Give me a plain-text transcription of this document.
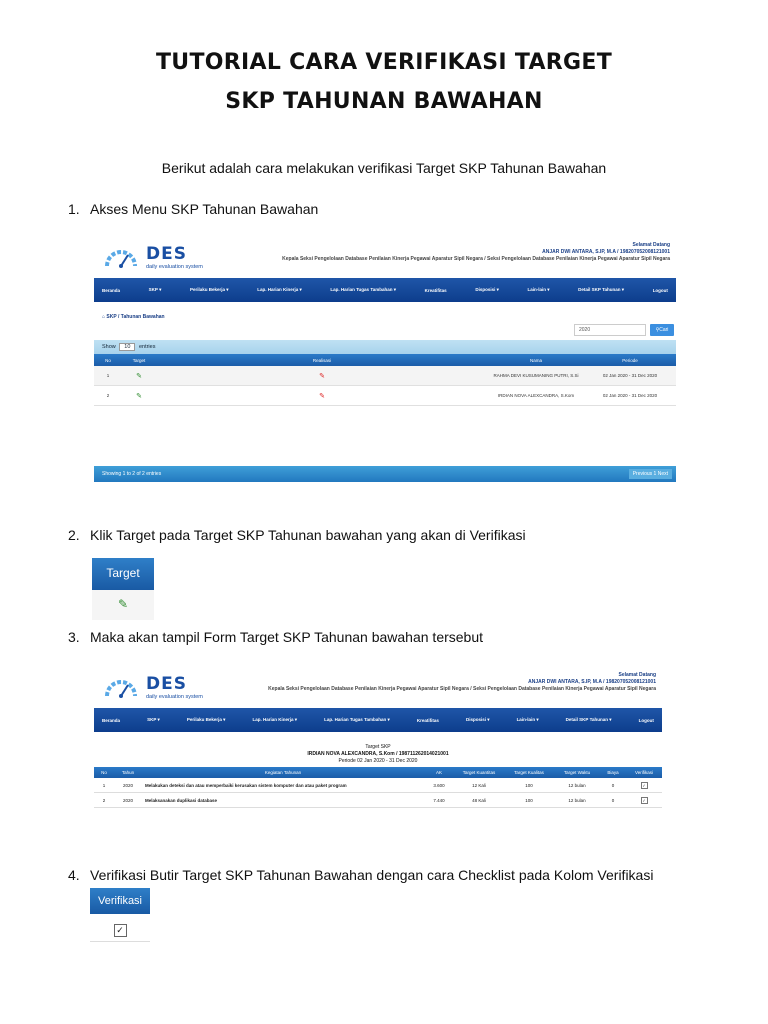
TUTORIAL CARA VERIFIKASI TARGET
SKP TAHUNAN BAWAHAN
Berikut adalah cara melakukan verifikasi Target SKP Tahunan Bawahan
1. Akses Menu SKP Tahunan Bawahan
DES
daily evaluation system
Selamat Datang
ANJAR DWI ANTARA, S.IP, M.A / 198207052008121001
Kepala Seksi Pengelolaan Database Penilaian Kinerja Pegawai Aparatur Sipil Negara / Seksi Pengelolaan Database Penilaian Kinerja Pegawai Aparatur Sipil Negara
Beranda	SKP ▾	Perilaku Bekerja ▾	Lap. Harian Kinerja ▾	Lap. Harian Tugas Tambahan ▾	Kreatifitas	Disposisi ▾	Lain-lain ▾	Detail SKP Tahunan ▾	Logout
⌂ SKP / Tahunan Bawahan
2020	⚲Cari
Show 10 entries
No	Target	Realisasi	Nama	Periode
1	✎	✎	RAHMA DEVI KUSUMANING PUTRI, S.Si	02 Jan 2020 - 31 Dec 2020
2	✎	✎	IRDIAN NOVA ALEXCANDRA, S.Kom	02 Jan 2020 - 31 Dec 2020
Showing 1 to 2 of 2 entries	Previous 1 Next
2. Klik Target pada Target SKP Tahunan bawahan yang akan di Verifikasi
Target
✎
3. Maka akan tampil Form Target SKP Tahunan bawahan tersebut
DES
daily evaluation system
Selamat Datang
ANJAR DWI ANTARA, S.IP, M.A / 198207052008121001
Kepala Seksi Pengelolaan Database Penilaian Kinerja Pegawai Aparatur Sipil Negara / Seksi Pengelolaan Database Penilaian Kinerja Pegawai Aparatur Sipil Negara
Beranda	SKP ▾	Perilaku Bekerja ▾	Lap. Harian Kinerja ▾	Lap. Harian Tugas Tambahan ▾	Kreatifitas	Disposisi ▾	Lain-lain ▾	Detail SKP Tahunan ▾	Logout
Target SKP
IRDIAN NOVA ALEXCANDRA, S.Kom / 198711262014021001
Periode 02 Jan 2020 - 31 Dec 2020
No	Tahun	Kegiatan Tahunan	AK	Target Kuantitas	Target Kualitas	Target Waktu	Biaya	Verifikasi
1	2020	Melakukan deteksi dan atau memperbaiki kerusakan sistem komputer dan atau paket program	3.600	12 Kali	100	12 bulan	0	✓
2	2020	Melaksanakan duplikasi database	7.440	48 Kali	100	12 bulan	0	✓
4. Verifikasi Butir Target SKP Tahunan Bawahan dengan cara Checklist pada Kolom Verifikasi
Verifikasi
✓
